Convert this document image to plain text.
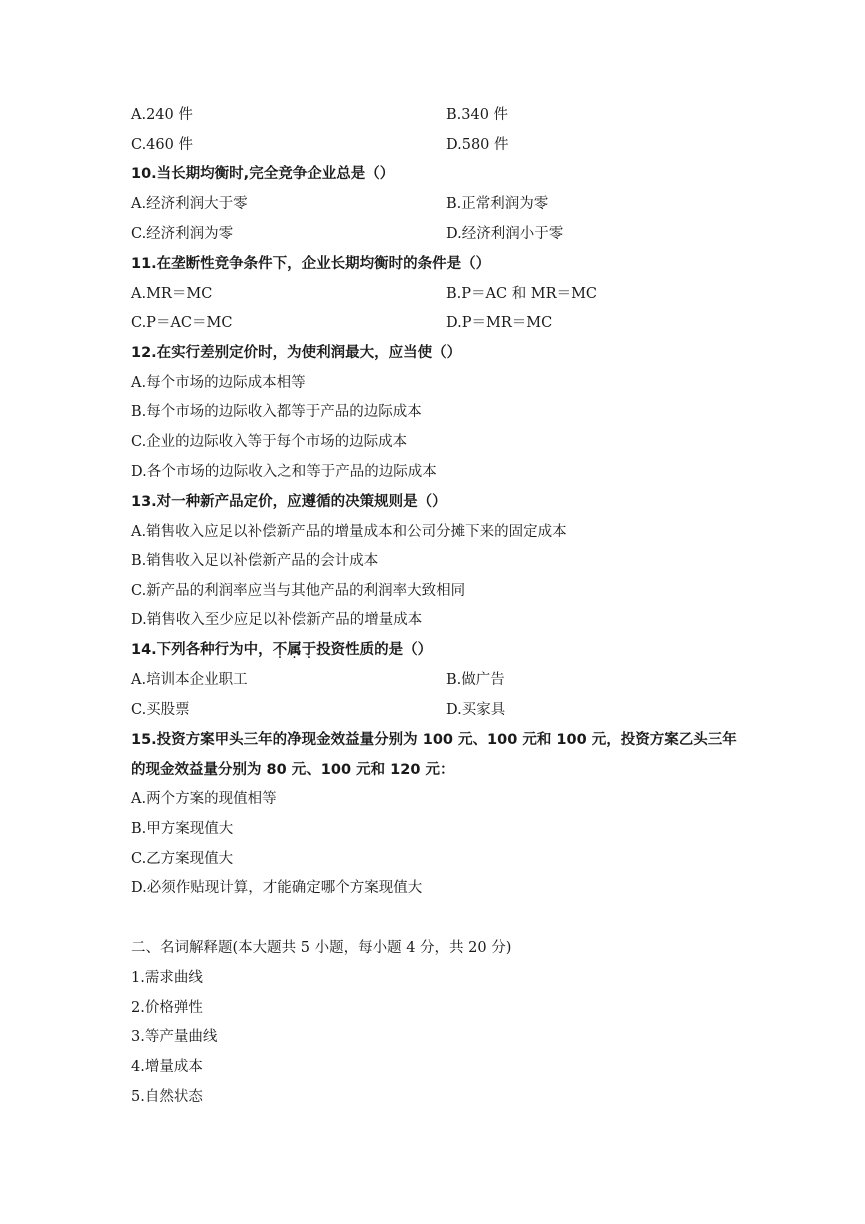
A.240 件	B.340 件
C.460 件	D.580 件
10.当长期均衡时,完全竞争企业总是（）
A.经济利润大于零	B.正常利润为零
C.经济利润为零	D.经济利润小于零
11.在垄断性竞争条件下，企业长期均衡时的条件是（）
A.MR＝MC	B.P＝AC 和 MR＝MC
C.P＝AC＝MC	D.P＝MR＝MC
12.在实行差别定价时，为使利润最大，应当使（）
A.每个市场的边际成本相等
B.每个市场的边际收入都等于产品的边际成本
C.企业的边际收入等于每个市场的边际成本
D.各个市场的边际收入之和等于产品的边际成本
13.对一种新产品定价，应遵循的决策规则是（）
A.销售收入应足以补偿新产品的增量成本和公司分摊下来的固定成本
B.销售收入足以补偿新产品的会计成本
C.新产品的利润率应当与其他产品的利润率大致相同
D.销售收入至少应足以补偿新产品的增量成本
14.下列各种行为中，不属于投资性质的是（）
A.培训本企业职工	B.做广告
C.买股票	D.买家具
15.投资方案甲头三年的净现金效益量分别为 100 元、100 元和 100 元，投资方案乙头三年
的现金效益量分别为 80 元、100 元和 120 元：
A.两个方案的现值相等
B.甲方案现值大
C.乙方案现值大
D.必须作贴现计算，才能确定哪个方案现值大
二、名词解释题(本大题共 5 小题，每小题 4 分，共 20 分)
1.需求曲线
2.价格弹性
3.等产量曲线
4.增量成本
5.自然状态
